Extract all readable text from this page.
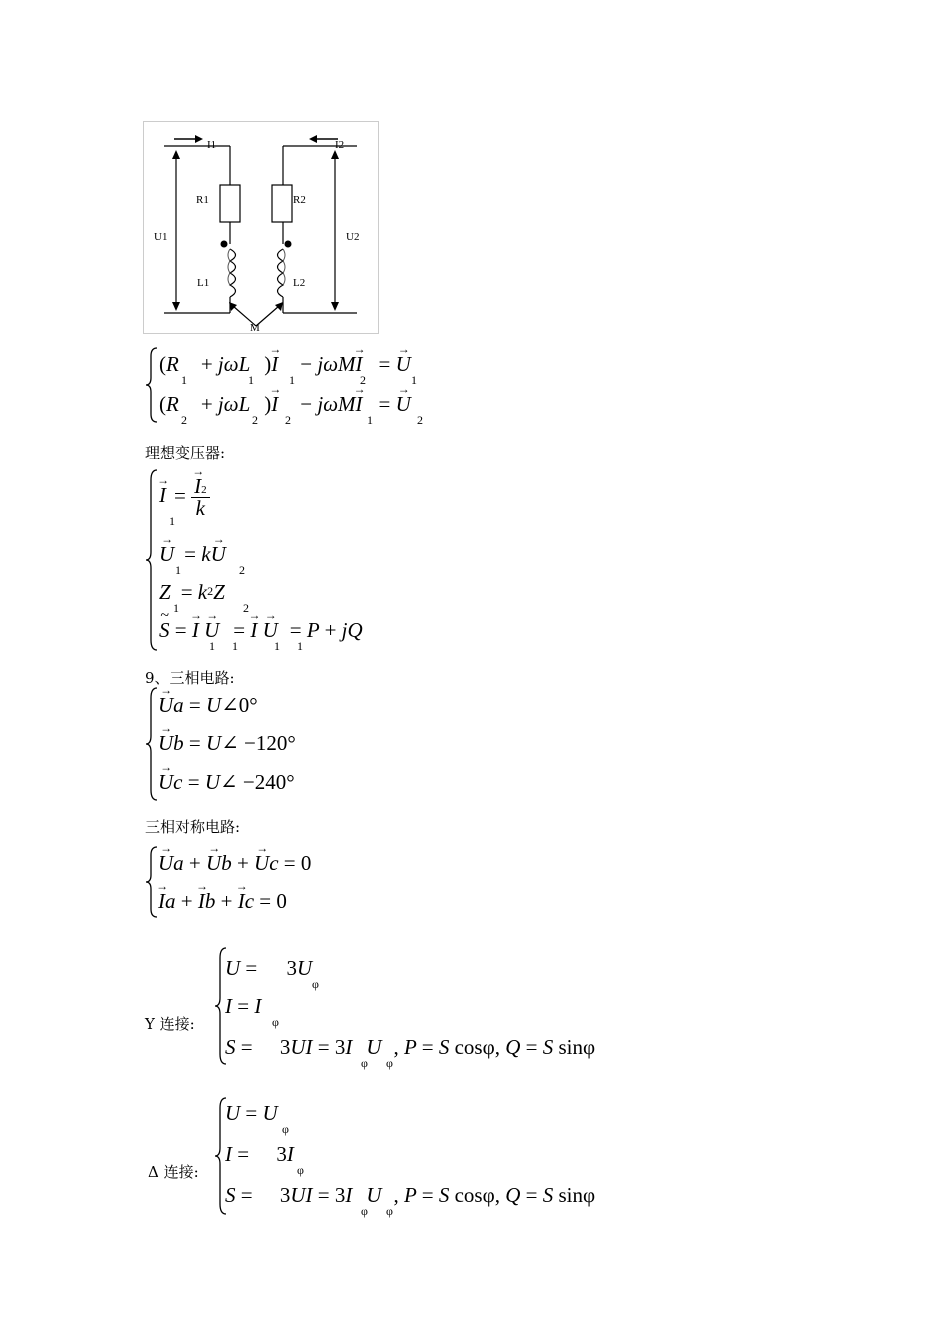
I1	I2
R1	R2
U1	U2
L1	L2
M
(R + jωL )→ I − jωM→ I = → U
1	1	1	2	1
(R + jωL )→ I − jωM→ I = → U
2	2 2	1	2
理想变压器:
→ I = → $\frac{I2}{k}$
1
→ U = k→ U
1	2
Z = k2Z
1	2
~ S = → I → U = → I → U = P + jQ
1 1	1 1
9、三相电路:
→ Ua = U∠0°
→ Ub = U∠ −120°
→ Uc = U∠ −240°
三相对称电路:
→ Ua + → Ub + → Uc = 0
→ Ia + → Ib + → Ic = 0
Y 连接:
U = 3U
φ
I = I
φ
S = 3UI = 3I U , P = S cosφ, Q = S sinφ
φ φ
Δ 连接:
U = U
φ
I = 3I
φ
S = 3UI = 3I U , P = S cosφ, Q = S sinφ
φ φ
